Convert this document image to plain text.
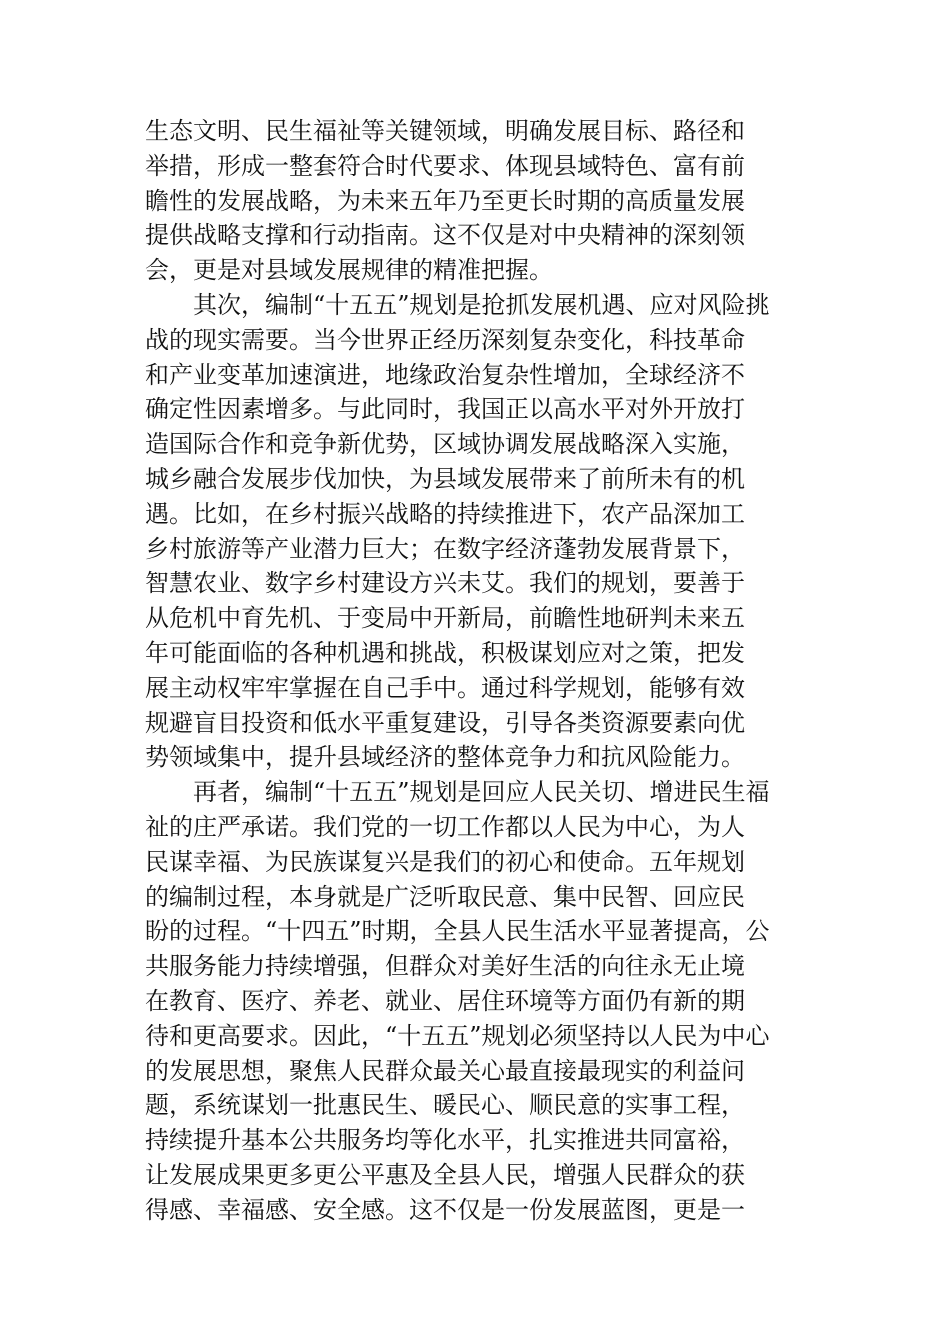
生态文明、民生福祉等关键领域，明确发展目标、路径和
举措，形成一整套符合时代要求、体现县域特色、富有前
瞻性的发展战略，为未来五年乃至更长时期的高质量发展
提供战略支撑和行动指南。这不仅是对中央精神的深刻领
会，更是对县域发展规律的精准把握。
　　其次，编制“十五五”规划是抢抓发展机遇、应对风险挑
战的现实需要。当今世界正经历深刻复杂变化，科技革命
和产业变革加速演进，地缘政治复杂性增加，全球经济不
确定性因素增多。与此同时，我国正以高水平对外开放打
造国际合作和竞争新优势，区域协调发展战略深入实施，
城乡融合发展步伐加快，为县域发展带来了前所未有的机
遇。比如，在乡村振兴战略的持续推进下，农产品深加工
乡村旅游等产业潜力巨大；在数字经济蓬勃发展背景下，
智慧农业、数字乡村建设方兴未艾。我们的规划，要善于
从危机中育先机、于变局中开新局，前瞻性地研判未来五
年可能面临的各种机遇和挑战，积极谋划应对之策，把发
展主动权牢牢掌握在自己手中。通过科学规划，能够有效
规避盲目投资和低水平重复建设，引导各类资源要素向优
势领域集中，提升县域经济的整体竞争力和抗风险能力。
　　再者，编制“十五五”规划是回应人民关切、增进民生福
祉的庄严承诺。我们党的一切工作都以人民为中心，为人
民谋幸福、为民族谋复兴是我们的初心和使命。五年规划
的编制过程，本身就是广泛听取民意、集中民智、回应民
盼的过程。“十四五”时期，全县人民生活水平显著提高，公
共服务能力持续增强，但群众对美好生活的向往永无止境
在教育、医疗、养老、就业、居住环境等方面仍有新的期
待和更高要求。因此，“十五五”规划必须坚持以人民为中心
的发展思想，聚焦人民群众最关心最直接最现实的利益问
题，系统谋划一批惠民生、暖民心、顺民意的实事工程，
持续提升基本公共服务均等化水平，扎实推进共同富裕，
让发展成果更多更公平惠及全县人民，增强人民群众的获
得感、幸福感、安全感。这不仅是一份发展蓝图，更是一
